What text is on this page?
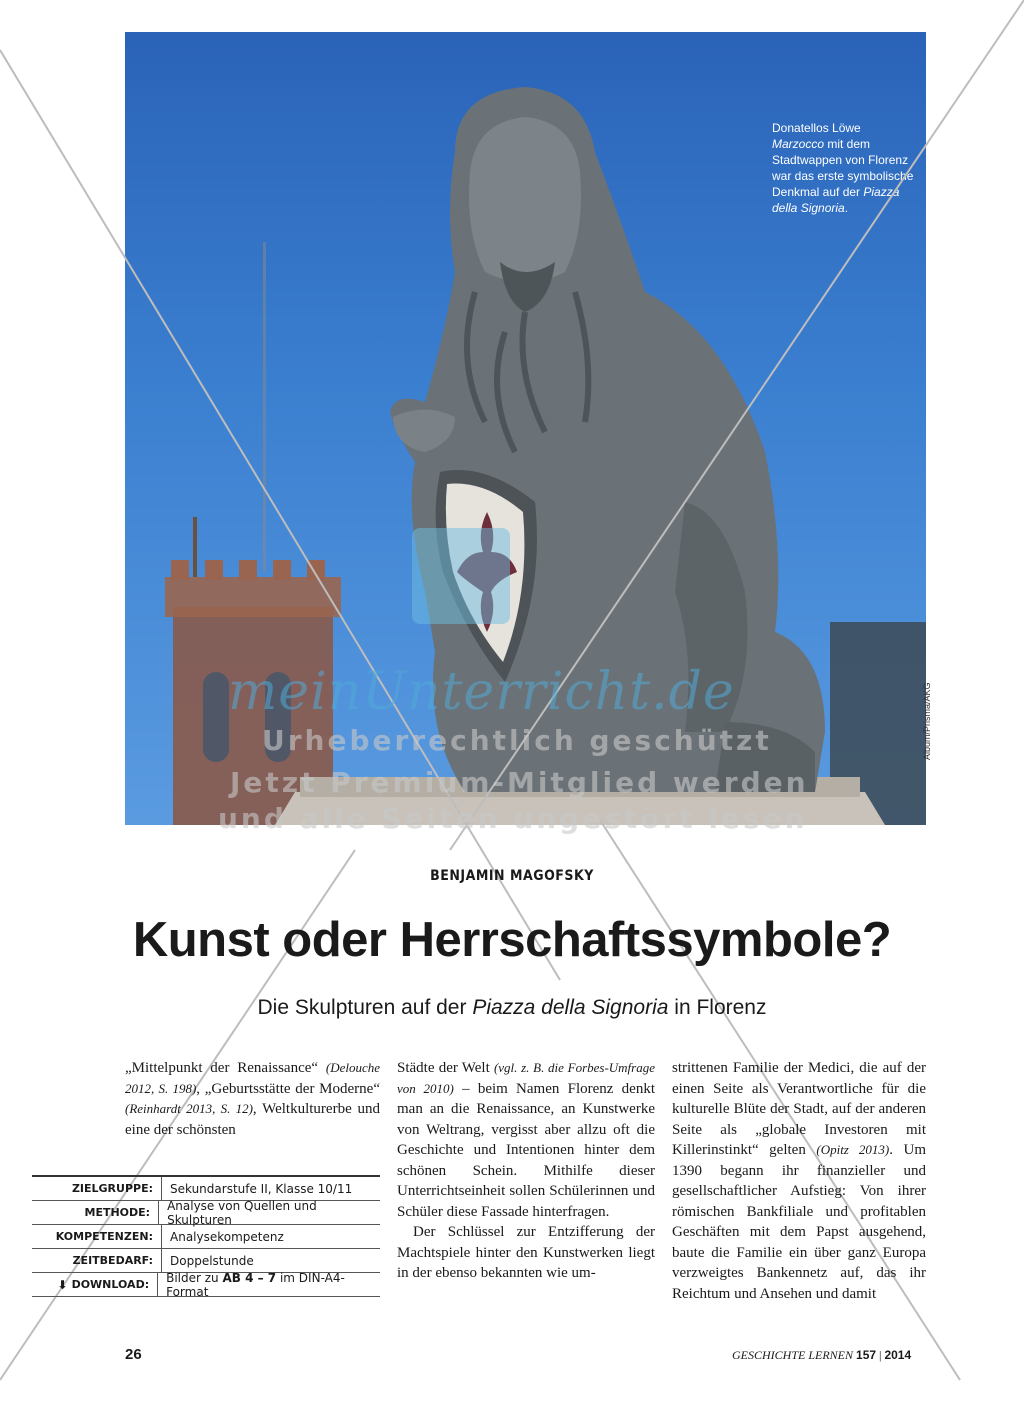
Donatellos Löwe
Marzocco mit dem
Stadtwappen von Florenz
war das erste symbolische
Denkmal auf der Piazza
della Signoria.
Album/Prisma/AKG
meinUnterricht.de
Urheberrechtlich geschützt
Jetzt Premium-Mitglied werden
und alle Seiten ungestört lesen
BENJAMIN MAGOFSKY
Kunst oder Herrschaftssymbole?
Die Skulpturen auf der Piazza della Signoria in Florenz

„Mittelpunkt der Renaissance“ (Delouche 2012, S. 198), „Geburtsstätte der Moderne“ (Reinhardt 2013, S. 12), Weltkulturerbe und eine der schönsten

ZIELGRUPPE:	Sekundarstufe II, Klasse 10/11
METHODE:	Analyse von Quellen und Skulpturen
KOMPETENZEN:	Analysekompetenz
ZEITBEDARF:	Doppelstunde
⬇ DOWNLOAD:	Bilder zu AB 4 – 7 im DIN-A4-Format

Städte der Welt (vgl. z. B. die Forbes-Umfrage von 2010) – beim Namen Florenz denkt man an die Renaissance, an Kunstwerke von Weltrang, vergisst aber allzu oft die Geschichte und Intentionen hinter dem schönen Schein. Mithilfe dieser Unterrichtseinheit sollen Schülerinnen und Schüler diese Fassade hinterfragen.

Der Schlüssel zur Entzifferung der Machtspiele hinter den Kunstwerken liegt in der ebenso bekannten wie um-

strittenen Familie der Medici, die auf der einen Seite als Verantwortliche für die kulturelle Blüte der Stadt, auf der anderen Seite als „globale Investoren mit Killerinstinkt“ gelten (Opitz 2013). Um 1390 begann ihr finanzieller und gesellschaftlicher Aufstieg: Von ihrer römischen Bankfiliale und profitablen Geschäften mit dem Papst ausgehend, baute die Familie ein über ganz Europa verzweigtes Bankennetz auf, das ihr Reichtum und Ansehen und damit

26	GESCHICHTE LERNEN 157 | 2014
